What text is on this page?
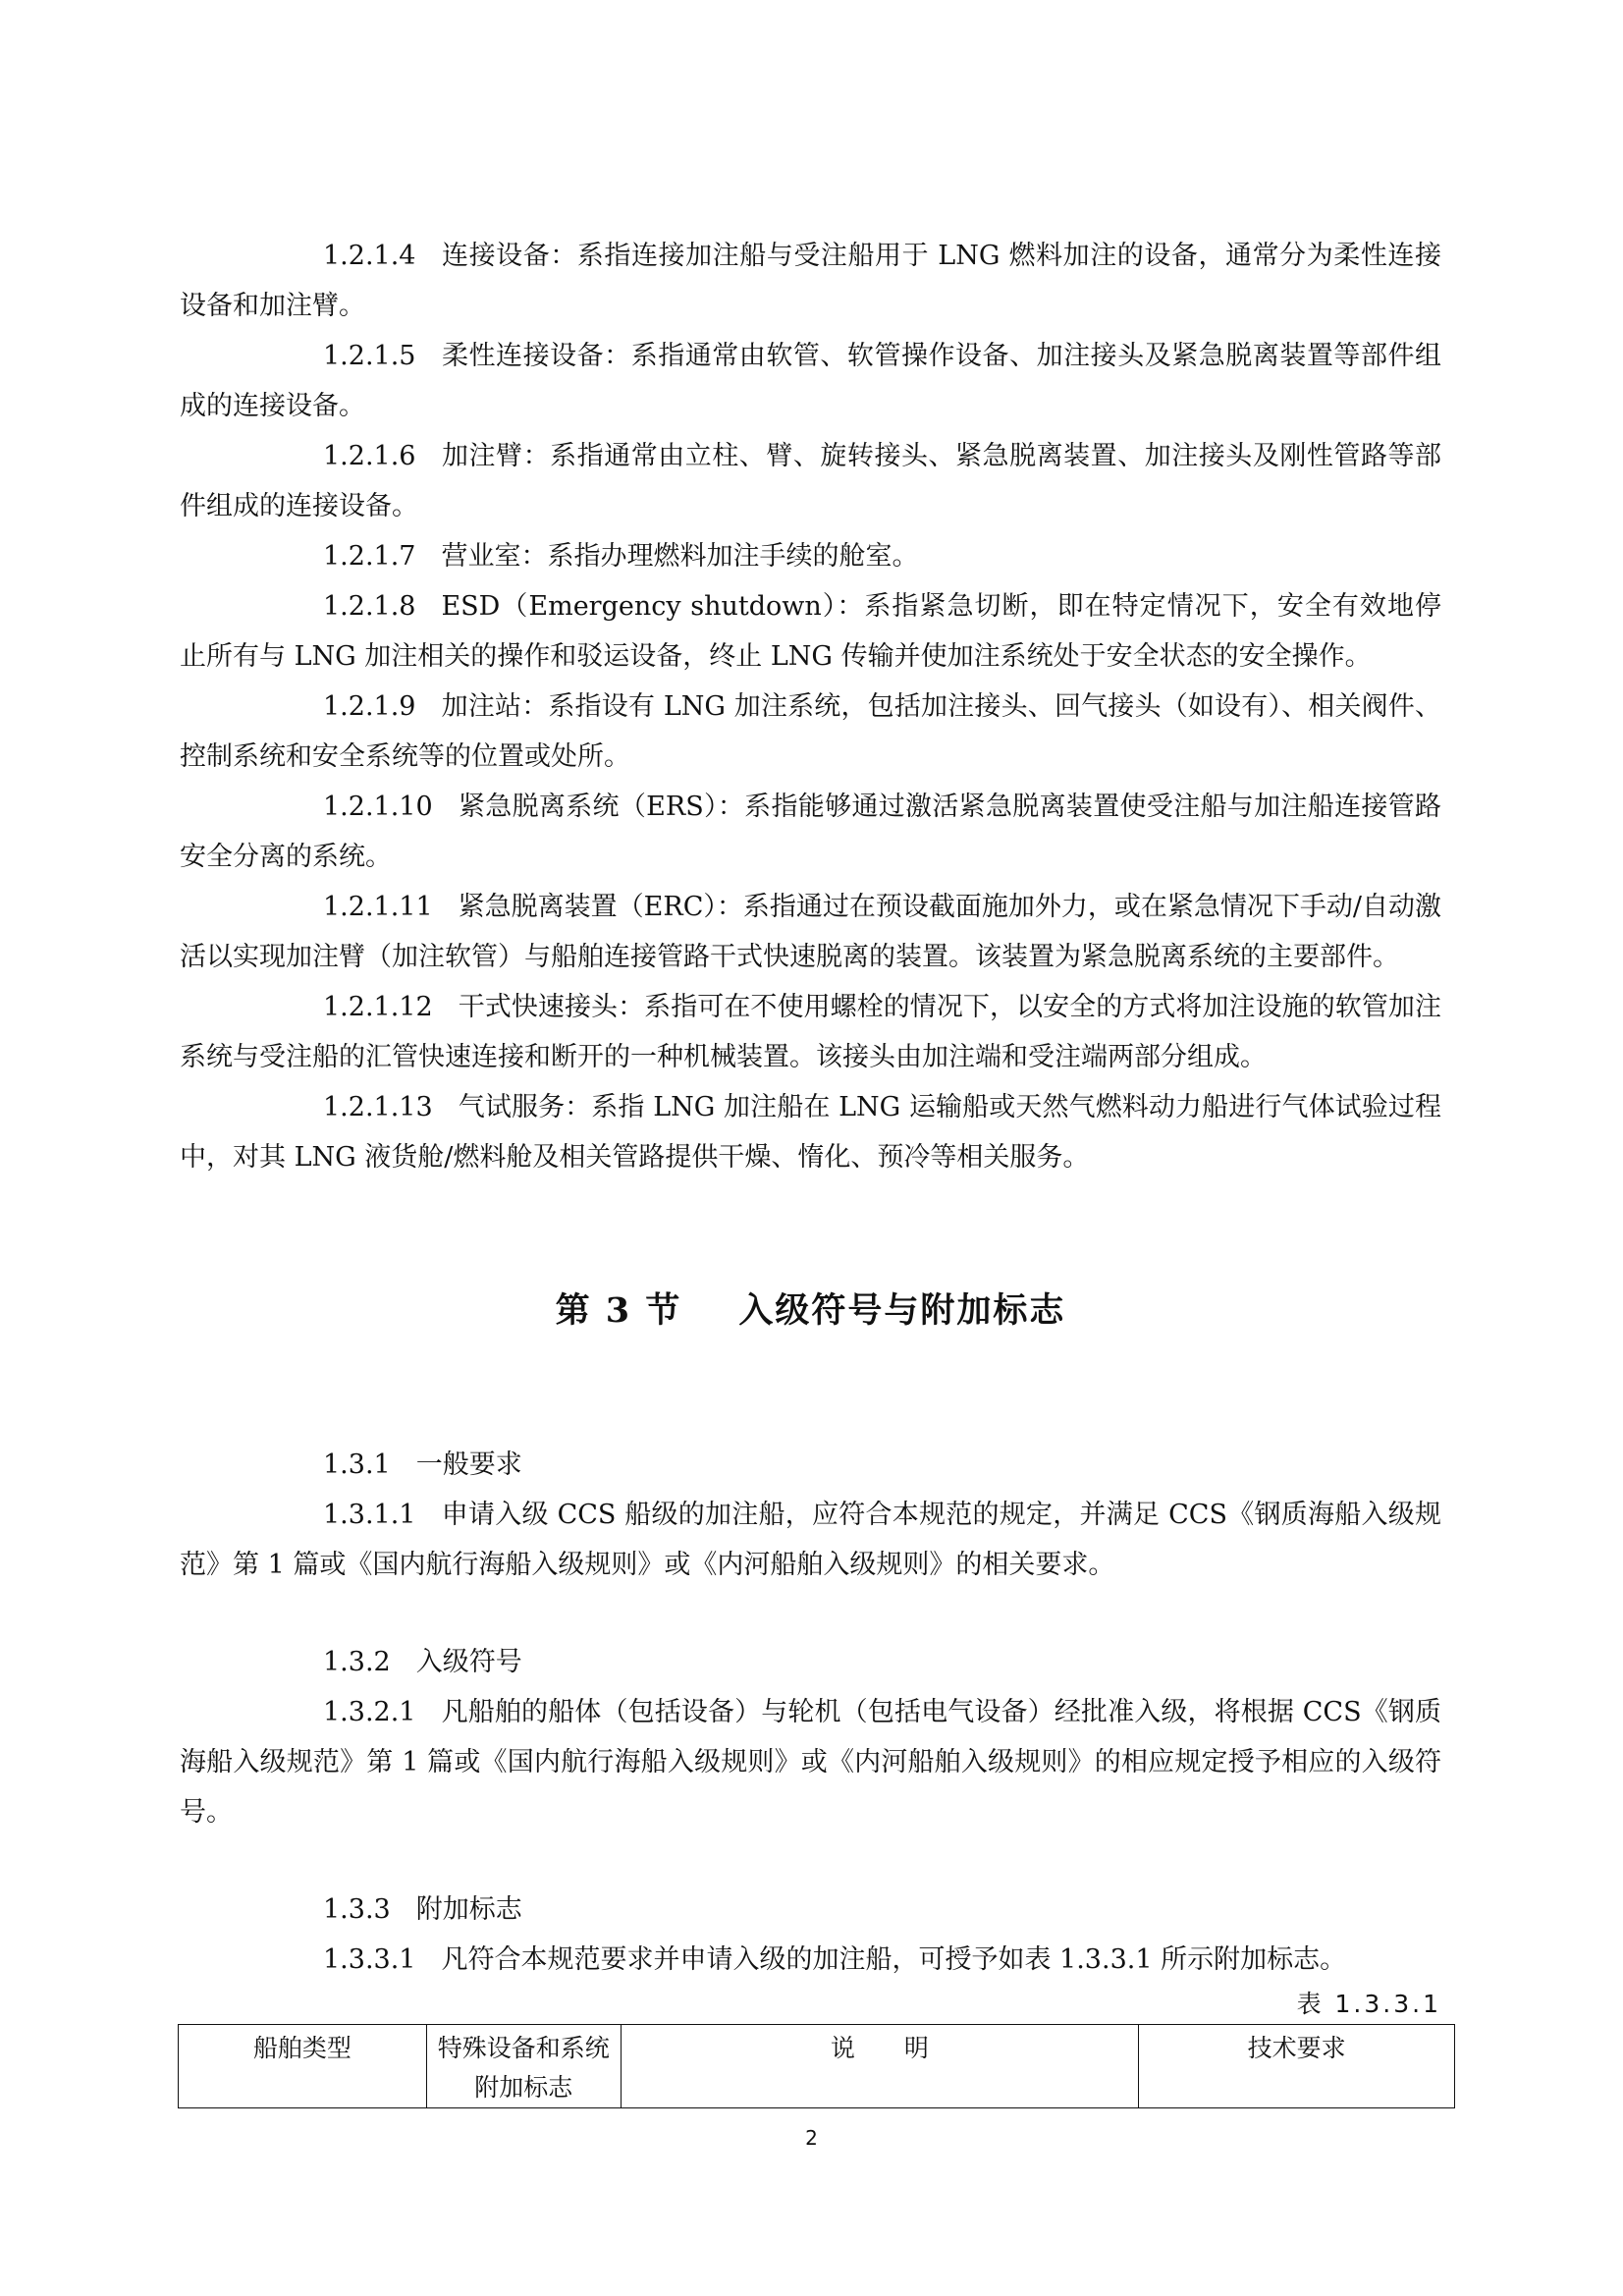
1.2.1.4 连接设备：系指连接加注船与受注船用于 LNG 燃料加注的设备，通常分为柔性连接设备和加注臂。

1.2.1.5 柔性连接设备：系指通常由软管、软管操作设备、加注接头及紧急脱离装置等部件组成的连接设备。

1.2.1.6 加注臂：系指通常由立柱、臂、旋转接头、紧急脱离装置、加注接头及刚性管路等部件组成的连接设备。

1.2.1.7 营业室：系指办理燃料加注手续的舱室。

1.2.1.8 ESD（Emergency shutdown）：系指紧急切断，即在特定情况下，安全有效地停止所有与 LNG 加注相关的操作和驳运设备，终止 LNG 传输并使加注系统处于安全状态的安全操作。

1.2.1.9 加注站：系指设有 LNG 加注系统，包括加注接头、回气接头（如设有）、相关阀件、控制系统和安全系统等的位置或处所。

1.2.1.10 紧急脱离系统（ERS）：系指能够通过激活紧急脱离装置使受注船与加注船连接管路安全分离的系统。

1.2.1.11 紧急脱离装置（ERC）：系指通过在预设截面施加外力，或在紧急情况下手动/自动激活以实现加注臂（加注软管）与船舶连接管路干式快速脱离的装置。该装置为紧急脱离系统的主要部件。

1.2.1.12 干式快速接头：系指可在不使用螺栓的情况下，以安全的方式将加注设施的软管加注系统与受注船的汇管快速连接和断开的一种机械装置。该接头由加注端和受注端两部分组成。

1.2.1.13 气试服务：系指 LNG 加注船在 LNG 运输船或天然气燃料动力船进行气体试验过程中，对其 LNG 液货舱/燃料舱及相关管路提供干燥、惰化、预冷等相关服务。

第 3 节 入级符号与附加标志

1.3.1 一般要求

1.3.1.1 申请入级 CCS 船级的加注船，应符合本规范的规定，并满足 CCS《钢质海船入级规范》第 1 篇或《国内航行海船入级规则》或《内河船舶入级规则》的相关要求。

1.3.2 入级符号

1.3.2.1 凡船舶的船体（包括设备）与轮机（包括电气设备）经批准入级，将根据 CCS《钢质海船入级规范》第 1 篇或《国内航行海船入级规则》或《内河船舶入级规则》的相应规定授予相应的入级符号。

1.3.3 附加标志

1.3.3.1 凡符合本规范要求并申请入级的加注船，可授予如表 1.3.3.1 所示附加标志。

表 1.3.3.1

船舶类型	特殊设备和系统附加标志	说　　明	技术要求
2
